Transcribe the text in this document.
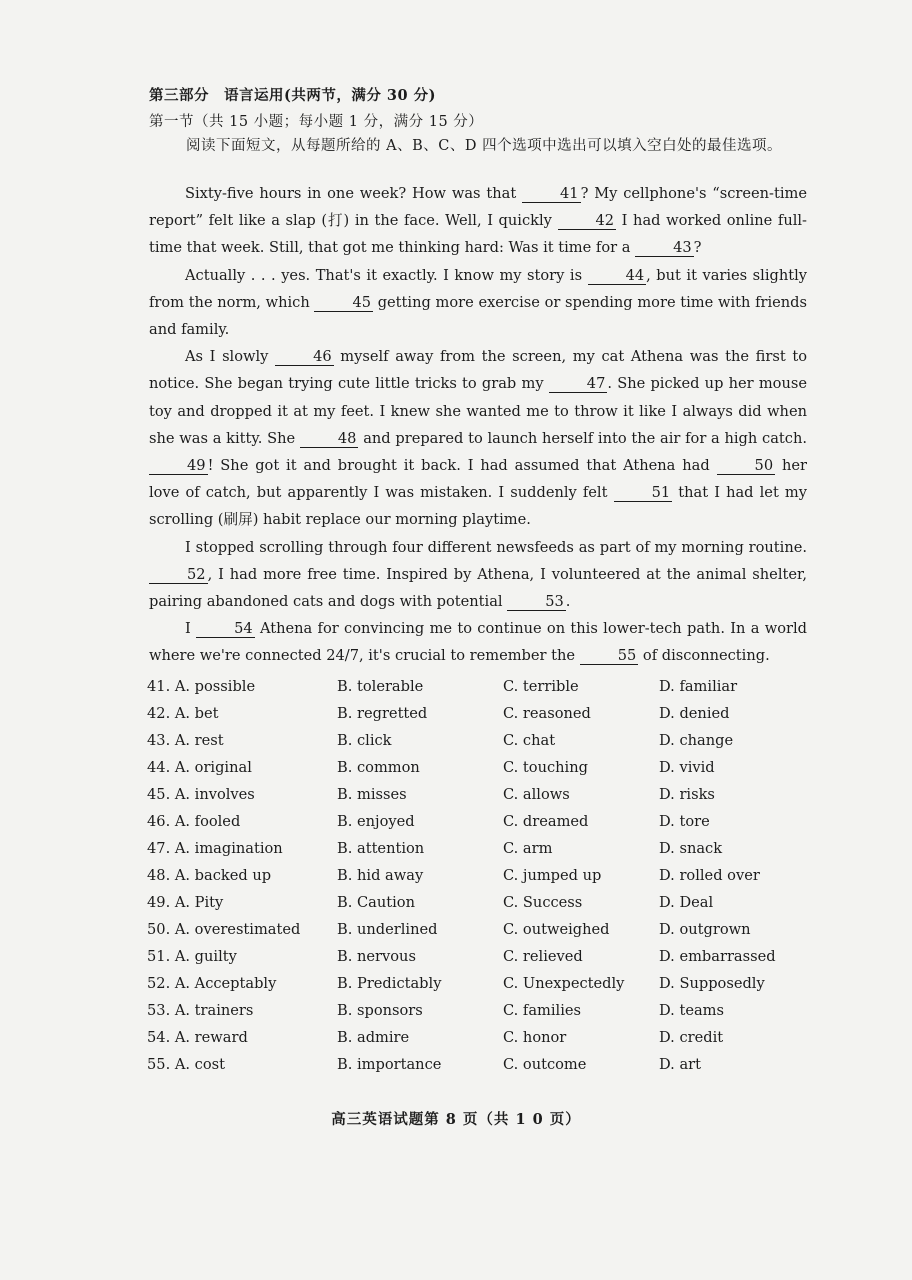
第三部分　语言运用(共两节，满分 30 分)
第一节（共 15 小题；每小题 1 分，满分 15 分）
阅读下面短文，从每题所给的 A、B、C、D 四个选项中选出可以填入空白处的最佳选项。

Sixty-five hours in one week? How was that	41 ? My cellphone's “screen-time report” felt like a slap (打) in the face. Well, I quickly	42 I had worked online full-time that week. Still, that got me thinking hard: Was it time for a	43 ?

Actually . . . yes. That's it exactly. I know my story is	44 , but it varies slightly from the norm, which	45 getting more exercise or spending more time with friends and family.

As I slowly	46 myself away from the screen, my cat Athena was the first to notice. She began trying cute little tricks to grab my	47 . She picked up her mouse toy and dropped it at my feet. I knew she wanted me to throw it like I always did when she was a kitty. She	48 and prepared to launch herself into the air for a high catch. 49 ! She got it and brought it back. I had assumed that Athena had	50 her love of catch, but apparently I was mistaken. I suddenly felt	51 that I had let my scrolling (刷屏) habit replace our morning playtime.

I stopped scrolling through four different newsfeeds as part of my morning routine. 52 , I had more free time. Inspired by Athena, I volunteered at the animal shelter, pairing abandoned cats and dogs with potential	53 .

I	54 Athena for convincing me to continue on this lower-tech path. In a world where we're connected 24/7, it's crucial to remember the	55 of disconnecting.

41. A. possible	B. tolerable	C. terrible	D. familiar
42. A. bet	B. regretted	C. reasoned	D. denied
43. A. rest	B. click	C. chat	D. change
44. A. original	B. common	C. touching	D. vivid
45. A. involves	B. misses	C. allows	D. risks
46. A. fooled	B. enjoyed	C. dreamed	D. tore
47. A. imagination	B. attention	C. arm	D. snack
48. A. backed up	B. hid away	C. jumped up	D. rolled over
49. A. Pity	B. Caution	C. Success	D. Deal
50. A. overestimated	B. underlined	C. outweighed	D. outgrown
51. A. guilty	B. nervous	C. relieved	D. embarrassed
52. A. Acceptably	B. Predictably	C. Unexpectedly D. Supposedly
53. A. trainers	B. sponsors	C. families	D. teams
54. A. reward	B. admire	C. honor	D. credit
55. A. cost	B. importance	C. outcome	D. art
高三英语试题第 8 页（共 1 0 页）
